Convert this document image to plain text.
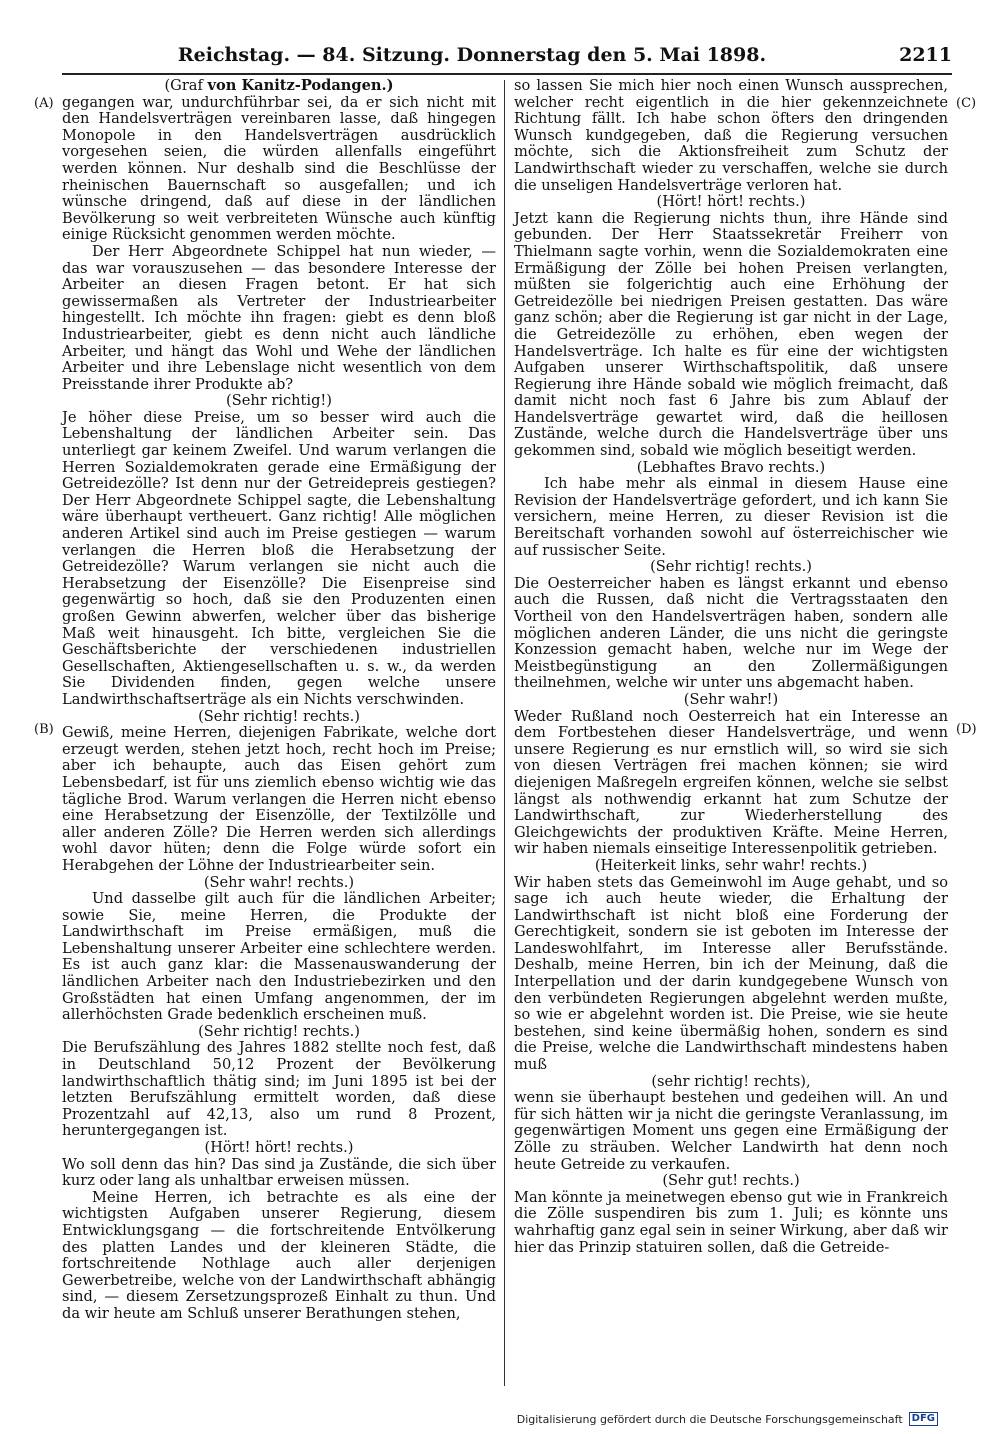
Reichstag. — 84. Sitzung. Donnerstag den 5. Mai 1898.	2211
(A)
(B)
(C)
(D)
(Graf von Kanitz-Podangen.)

gegangen war, undurchführbar sei, da er sich nicht mit den Handelsverträgen vereinbaren lasse, daß hingegen Monopole in den Handelsverträgen ausdrücklich vorgesehen seien, die würden allenfalls eingeführt werden können. Nur deshalb sind die Beschlüsse der rheinischen Bauernschaft so ausgefallen; und ich wünsche dringend, daß auf diese in der ländlichen Bevölkerung so weit verbreiteten Wünsche auch künftig einige Rücksicht genommen werden möchte.

Der Herr Abgeordnete Schippel hat nun wieder, — das war vorauszusehen — das besondere Interesse der Arbeiter an diesen Fragen betont. Er hat sich gewissermaßen als Vertreter der Industriearbeiter hingestellt. Ich möchte ihn fragen: giebt es denn bloß Industriearbeiter, giebt es denn nicht auch ländliche Arbeiter, und hängt das Wohl und Wehe der ländlichen Arbeiter und ihre Lebenslage nicht wesentlich von dem Preisstande ihrer Produkte ab?

(Sehr richtig!)

Je höher diese Preise, um so besser wird auch die Lebenshaltung der ländlichen Arbeiter sein. Das unterliegt gar keinem Zweifel. Und warum verlangen die Herren Sozialdemokraten gerade eine Ermäßigung der Getreidezölle? Ist denn nur der Getreidepreis gestiegen? Der Herr Abgeordnete Schippel sagte, die Lebenshaltung wäre überhaupt vertheuert. Ganz richtig! Alle möglichen anderen Artikel sind auch im Preise gestiegen — warum verlangen die Herren bloß die Herabsetzung der Getreidezölle? Warum verlangen sie nicht auch die Herabsetzung der Eisenzölle? Die Eisenpreise sind gegenwärtig so hoch, daß sie den Produzenten einen großen Gewinn abwerfen, welcher über das bisherige Maß weit hinausgeht. Ich bitte, vergleichen Sie die Geschäftsberichte der verschiedenen industriellen Gesellschaften, Aktiengesellschaften u. s. w., da werden Sie Dividenden finden, gegen welche unsere Landwirthschaftserträge als ein Nichts verschwinden.

(Sehr richtig! rechts.)

Gewiß, meine Herren, diejenigen Fabrikate, welche dort erzeugt werden, stehen jetzt hoch, recht hoch im Preise; aber ich behaupte, auch das Eisen gehört zum Lebensbedarf, ist für uns ziemlich ebenso wichtig wie das tägliche Brod. Warum verlangen die Herren nicht ebenso eine Herabsetzung der Eisenzölle, der Textilzölle und aller anderen Zölle? Die Herren werden sich allerdings wohl davor hüten; denn die Folge würde sofort ein Herabgehen der Löhne der Industriearbeiter sein.

(Sehr wahr! rechts.)

Und dasselbe gilt auch für die ländlichen Arbeiter; sowie Sie, meine Herren, die Produkte der Landwirthschaft im Preise ermäßigen, muß die Lebenshaltung unserer Arbeiter eine schlechtere werden. Es ist auch ganz klar: die Massenauswanderung der ländlichen Arbeiter nach den Industriebezirken und den Großstädten hat einen Umfang angenommen, der im allerhöchsten Grade bedenklich erscheinen muß.

(Sehr richtig! rechts.)

Die Berufszählung des Jahres 1882 stellte noch fest, daß in Deutschland 50,12 Prozent der Bevölkerung landwirthschaftlich thätig sind; im Juni 1895 ist bei der letzten Berufszählung ermittelt worden, daß diese Prozentzahl auf 42,13, also um rund 8 Prozent, heruntergegangen ist.

(Hört! hört! rechts.)

Wo soll denn das hin? Das sind ja Zustände, die sich über kurz oder lang als unhaltbar erweisen müssen.

Meine Herren, ich betrachte es als eine der wichtigsten Aufgaben unserer Regierung, diesem Entwicklungsgang — die fortschreitende Entvölkerung des platten Landes und der kleineren Städte, die fortschreitende Nothlage auch aller derjenigen Gewerbetreibe, welche von der Landwirthschaft abhängig sind, — diesem Zersetzungsprozeß Einhalt zu thun. Und da wir heute am Schluß unserer Berathungen stehen,

so lassen Sie mich hier noch einen Wunsch aussprechen, welcher recht eigentlich in die hier gekennzeichnete Richtung fällt. Ich habe schon öfters den dringenden Wunsch kundgegeben, daß die Regierung versuchen möchte, sich die Aktionsfreiheit zum Schutz der Landwirthschaft wieder zu verschaffen, welche sie durch die unseligen Handelsverträge verloren hat.

(Hört! hört! rechts.)

Jetzt kann die Regierung nichts thun, ihre Hände sind gebunden. Der Herr Staatssekretär Freiherr von Thielmann sagte vorhin, wenn die Sozialdemokraten eine Ermäßigung der Zölle bei hohen Preisen verlangten, müßten sie folgerichtig auch eine Erhöhung der Getreidezölle bei niedrigen Preisen gestatten. Das wäre ganz schön; aber die Regierung ist gar nicht in der Lage, die Getreidezölle zu erhöhen, eben wegen der Handelsverträge. Ich halte es für eine der wichtigsten Aufgaben unserer Wirthschaftspolitik, daß unsere Regierung ihre Hände sobald wie möglich freimacht, daß damit nicht noch fast 6 Jahre bis zum Ablauf der Handelsverträge gewartet wird, daß die heillosen Zustände, welche durch die Handelsverträge über uns gekommen sind, sobald wie möglich beseitigt werden.

(Lebhaftes Bravo rechts.)

Ich habe mehr als einmal in diesem Hause eine Revision der Handelsverträge gefordert, und ich kann Sie versichern, meine Herren, zu dieser Revision ist die Bereitschaft vorhanden sowohl auf österreichischer wie auf russischer Seite.

(Sehr richtig! rechts.)

Die Oesterreicher haben es längst erkannt und ebenso auch die Russen, daß nicht die Vertragsstaaten den Vortheil von den Handelsverträgen haben, sondern alle möglichen anderen Länder, die uns nicht die geringste Konzession gemacht haben, welche nur im Wege der Meistbegünstigung an den Zollermäßigungen theilnehmen, welche wir unter uns abgemacht haben.

(Sehr wahr!)

Weder Rußland noch Oesterreich hat ein Interesse an dem Fortbestehen dieser Handelsverträge, und wenn unsere Regierung es nur ernstlich will, so wird sie sich von diesen Verträgen frei machen können; sie wird diejenigen Maßregeln ergreifen können, welche sie selbst längst als nothwendig erkannt hat zum Schutze der Landwirthschaft, zur Wiederherstellung des Gleichgewichts der produktiven Kräfte. Meine Herren, wir haben niemals einseitige Interessenpolitik getrieben.

(Heiterkeit links, sehr wahr! rechts.)

Wir haben stets das Gemeinwohl im Auge gehabt, und so sage ich auch heute wieder, die Erhaltung der Landwirthschaft ist nicht bloß eine Forderung der Gerechtigkeit, sondern sie ist geboten im Interesse der Landeswohlfahrt, im Interesse aller Berufsstände. Deshalb, meine Herren, bin ich der Meinung, daß die Interpellation und der darin kundgegebene Wunsch von den verbündeten Regierungen abgelehnt werden mußte, so wie er abgelehnt worden ist. Die Preise, wie sie heute bestehen, sind keine übermäßig hohen, sondern es sind die Preise, welche die Landwirthschaft mindestens haben muß

(sehr richtig! rechts),

wenn sie überhaupt bestehen und gedeihen will. An und für sich hätten wir ja nicht die geringste Veranlassung, im gegenwärtigen Moment uns gegen eine Ermäßigung der Zölle zu sträuben. Welcher Landwirth hat denn noch heute Getreide zu verkaufen.

(Sehr gut! rechts.)

Man könnte ja meinetwegen ebenso gut wie in Frankreich die Zölle suspendiren bis zum 1. Juli; es könnte uns wahrhaftig ganz egal sein in seiner Wirkung, aber daß wir hier das Prinzip statuiren sollen, daß die Getreide-

Digitalisierung gefördert durch die Deutsche Forschungsgemeinschaft DFG
